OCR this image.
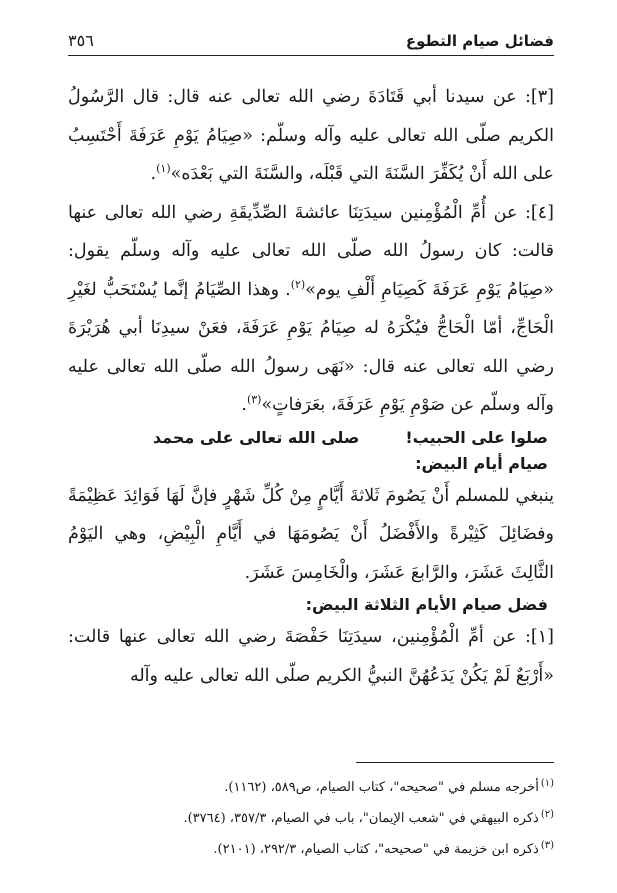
فضائل صيام التطوع
٣٥٦

[٣]: عن سيدنا أبي قَتَادَةَ رضي الله تعالى عنه قال: قال الرَّسُولُ الكريم صلّى الله تعالى عليه وآله وسلّم: «صِيَامُ يَوْمِ عَرَفَةَ أَحْتَسِبُ على الله أَنْ يُكَفِّرَ السَّنَةَ التي قَبْلَه، والسَّنَةَ التي بَعْدَه»$^{(١)}$.

[٤]: عن أُمِّ الْمُؤْمِنين سيدَتِنَا عائشةَ الصِّدِّيقَةِ رضي الله تعالى عنها قالت: كان رسولُ الله صلّى الله تعالى عليه وآله وسلّم يقول: «صِيَامُ يَوْمِ عَرَفَةَ كَصِيَامِ أَلْفِ يوم»$^{(٢)}$. وهذا الصِّيَامُ إنَّما يُسْتَحَبُّ لغَيْرِ الْحَاجِّ، أمّا الْحَاجُّ فيُكْرَهُ له صِيَامُ يَوْمِ عَرَفَةَ، فعَنْ سيدِنَا أبي هُرَيْرَةَ رضي الله تعالى عنه قال: «نَهَى رسولُ الله صلّى الله تعالى عليه وآله وسلّم عن صَوْمِ يَوْمِ عَرَفَةَ، بعَرَفاتٍ»$^{(٣)}$.

صلوا على الحبيب!
صلى الله تعالى على محمد
صيام أيام البيض:

ينبغي للمسلم أَنْ يَصُومَ ثَلاثةَ أَيَّامٍ مِنْ كُلِّ شَهْرٍ فإنَّ لَهَا فَوَائِدَ عَظِيْمَةً وفضَائِلَ كَثِيْرةً والأَفْضَلُ أَنْ يَصُومَهَا في أَيَّامِ الْبِيْضِ، وهي اليَوْمُ الثَّالِثَ عَشَرَ، والرَّابعَ عَشَرَ، والْخَامِسَ عَشَرَ.

فضل صيام الأيام الثلاثة البيض:

[١]: عن أمِّ الْمُؤْمِنين، سيدَتِنَا حَفْصَةَ رضي الله تعالى عنها قالت: «أَرْبَعٌ لَمْ يَكُنْ يَدَعُهُنَّ النبيُّ الكريم صلّى الله تعالى عليه وآله

$^{(١)}$أخرجه مسلم في "صحيحه"، كتاب الصيام، ص٥٨٩، (١١٦٢).
$^{(٢)}$ذكره البيهقي في "شعب الإيمان"، باب في الصيام، ٣٥٧/٣، (٣٧٦٤).
$^{(٣)}$ذكره ابن خزيمة في "صحيحه"، كتاب الصيام، ٢٩٢/٣، (٢١٠١).
